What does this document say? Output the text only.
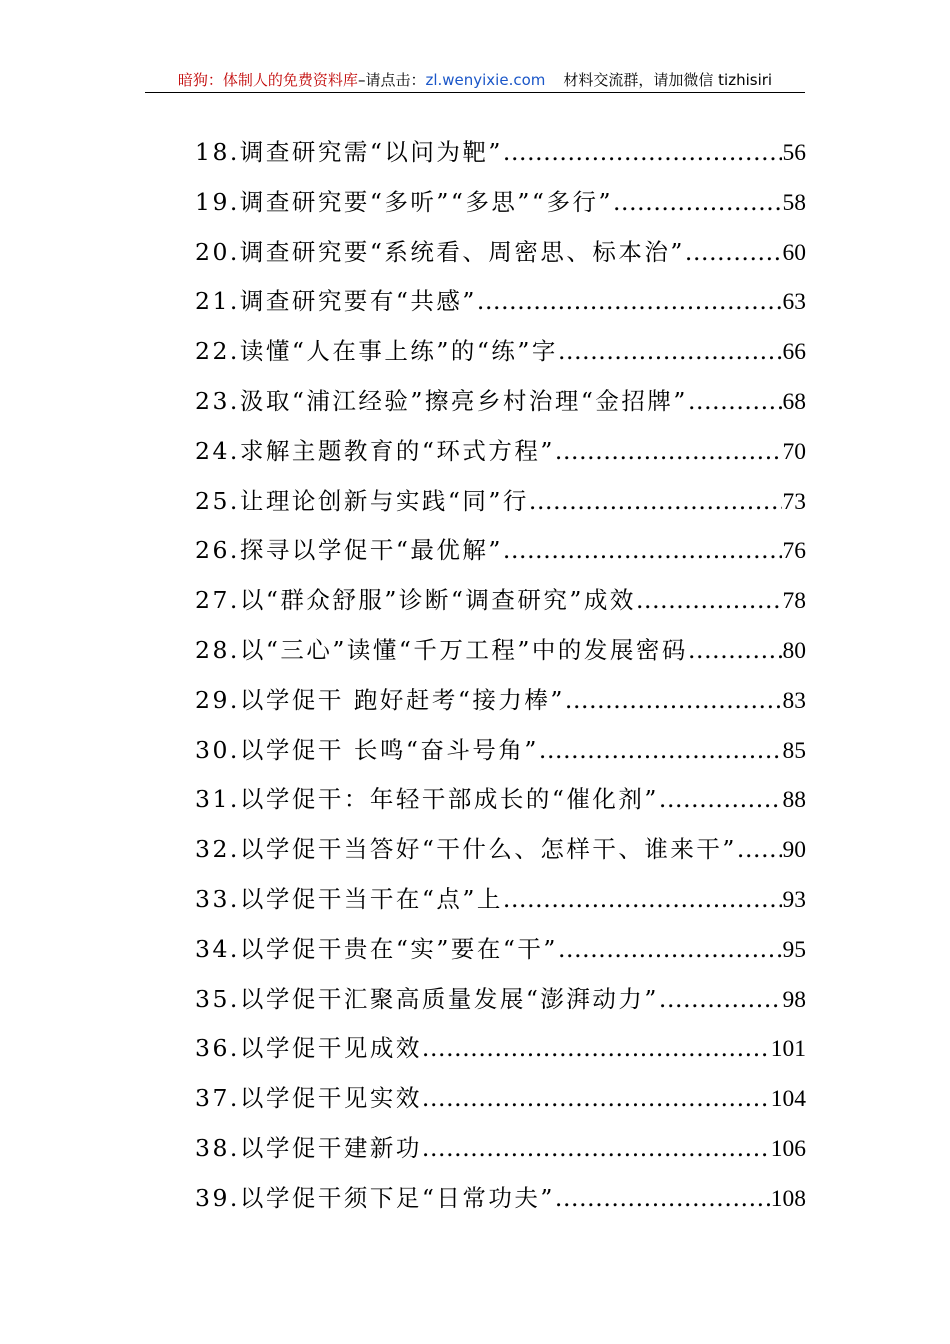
暗狗：体制人的免费资料库–请点击：zl.wenyixie.com 材料交流群，请加微信 tizhisiri
18.调查研究需“以问为靶” .....	56
19.调查研究要“多听”“多思”“多行” .....	58
20.调查研究要“系统看、周密思、标本治” .....	60
21.调查研究要有“共感” .....	63
22.读懂“人在事上练”的“练”字 .....	66
23.汲取“浦江经验”擦亮乡村治理“金招牌” .....	68
24.求解主题教育的“环式方程” .....	70
25.让理论创新与实践“同”行 .....	73
26.探寻以学促干“最优解” .....	76
27.以“群众舒服”诊断“调查研究”成效 .....	78
28.以“三心”读懂“千万工程”中的发展密码 .....	80
29.以学促干 跑好赶考“接力棒” .....	83
30.以学促干 长鸣“奋斗号角” .....	85
31.以学促干：年轻干部成长的“催化剂” .....	88
32.以学促干当答好“干什么、怎样干、谁来干” ..... 90
33.以学促干当干在“点”上 .....	93
34.以学促干贵在“实”要在“干” .....	95
35.以学促干汇聚高质量发展“澎湃动力” .....	98
36.以学促干见成效 .....	101
37.以学促干见实效 .....	104
38.以学促干建新功 .....	106
39.以学促干须下足“日常功夫” .....	108
